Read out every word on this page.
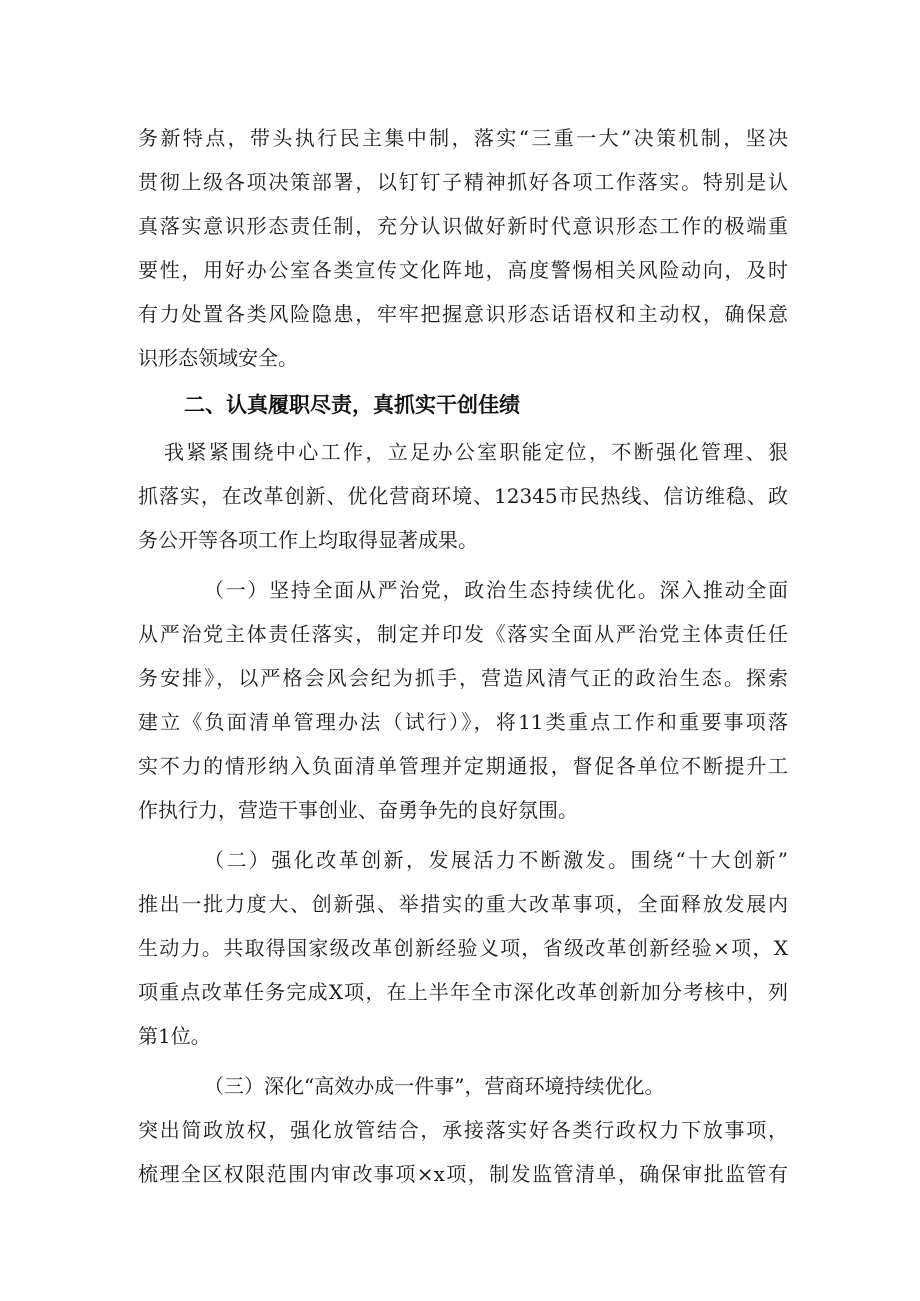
务新特点，带头执行民主集中制，落实“三重一大”决策机制，坚决
贯彻上级各项决策部署，以钉钉子精神抓好各项工作落实。特别是认
真落实意识形态责任制，充分认识做好新时代意识形态工作的极端重
要性，用好办公室各类宣传文化阵地，高度警惕相关风险动向，及时
有力处置各类风险隐患，牢牢把握意识形态话语权和主动权，确保意
识形态领域安全。
二、认真履职尽责，真抓实干创佳绩
我紧紧围绕中心工作，立足办公室职能定位，不断强化管理、狠
抓落实，在改革创新、优化营商环境、12345市民热线、信访维稳、政
务公开等各项工作上均取得显著成果。
（一）坚持全面从严治党，政治生态持续优化。深入推动全面
从严治党主体责任落实，制定并印发《落实全面从严治党主体责任任
务安排》，以严格会风会纪为抓手，营造风清气正的政治生态。探索
建立《负面清单管理办法（试行）》，将11类重点工作和重要事项落
实不力的情形纳入负面清单管理并定期通报，督促各单位不断提升工
作执行力，营造干事创业、奋勇争先的良好氛围。
（二）强化改革创新，发展活力不断激发。围绕“十大创新”
推出一批力度大、创新强、举措实的重大改革事项，全面释放发展内
生动力。共取得国家级改革创新经验义项，省级改革创新经验×项，X
项重点改革任务完成X项，在上半年全市深化改革创新加分考核中，列
第1位。
（三）深化“高效办成一件事”，营商环境持续优化。
突出简政放权，强化放管结合，承接落实好各类行政权力下放事项，
梳理全区权限范围内审改事项×x项，制发监管清单，确保审批监管有
